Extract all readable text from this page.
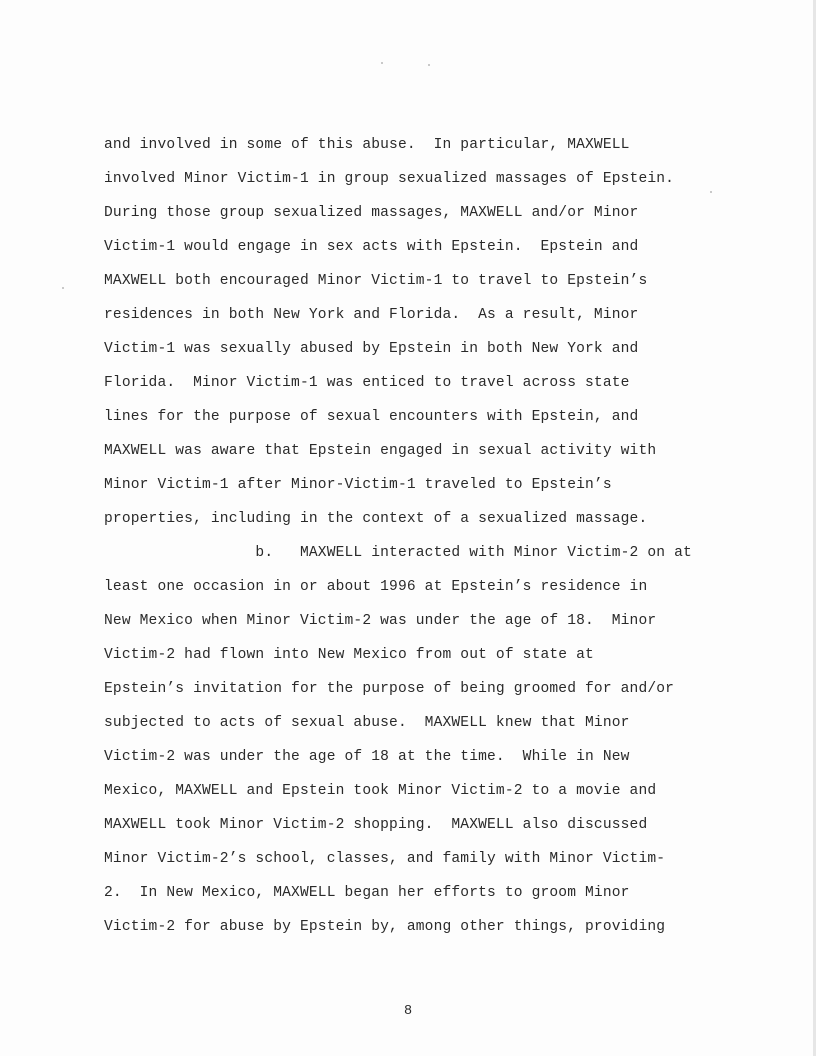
and involved in some of this abuse.  In particular, MAXWELL
involved Minor Victim-1 in group sexualized massages of Epstein.
During those group sexualized massages, MAXWELL and/or Minor
Victim-1 would engage in sex acts with Epstein.  Epstein and
MAXWELL both encouraged Minor Victim-1 to travel to Epstein’s
residences in both New York and Florida.  As a result, Minor
Victim-1 was sexually abused by Epstein in both New York and
Florida.  Minor Victim-1 was enticed to travel across state
lines for the purpose of sexual encounters with Epstein, and
MAXWELL was aware that Epstein engaged in sexual activity with
Minor Victim-1 after Minor-Victim-1 traveled to Epstein’s
properties, including in the context of a sexualized massage.
b.   MAXWELL interacted with Minor Victim-2 on at
least one occasion in or about 1996 at Epstein’s residence in
New Mexico when Minor Victim-2 was under the age of 18.  Minor
Victim-2 had flown into New Mexico from out of state at
Epstein’s invitation for the purpose of being groomed for and/or
subjected to acts of sexual abuse.  MAXWELL knew that Minor
Victim-2 was under the age of 18 at the time.  While in New
Mexico, MAXWELL and Epstein took Minor Victim-2 to a movie and
MAXWELL took Minor Victim-2 shopping.  MAXWELL also discussed
Minor Victim-2’s school, classes, and family with Minor Victim-
2.  In New Mexico, MAXWELL began her efforts to groom Minor
Victim-2 for abuse by Epstein by, among other things, providing
8
